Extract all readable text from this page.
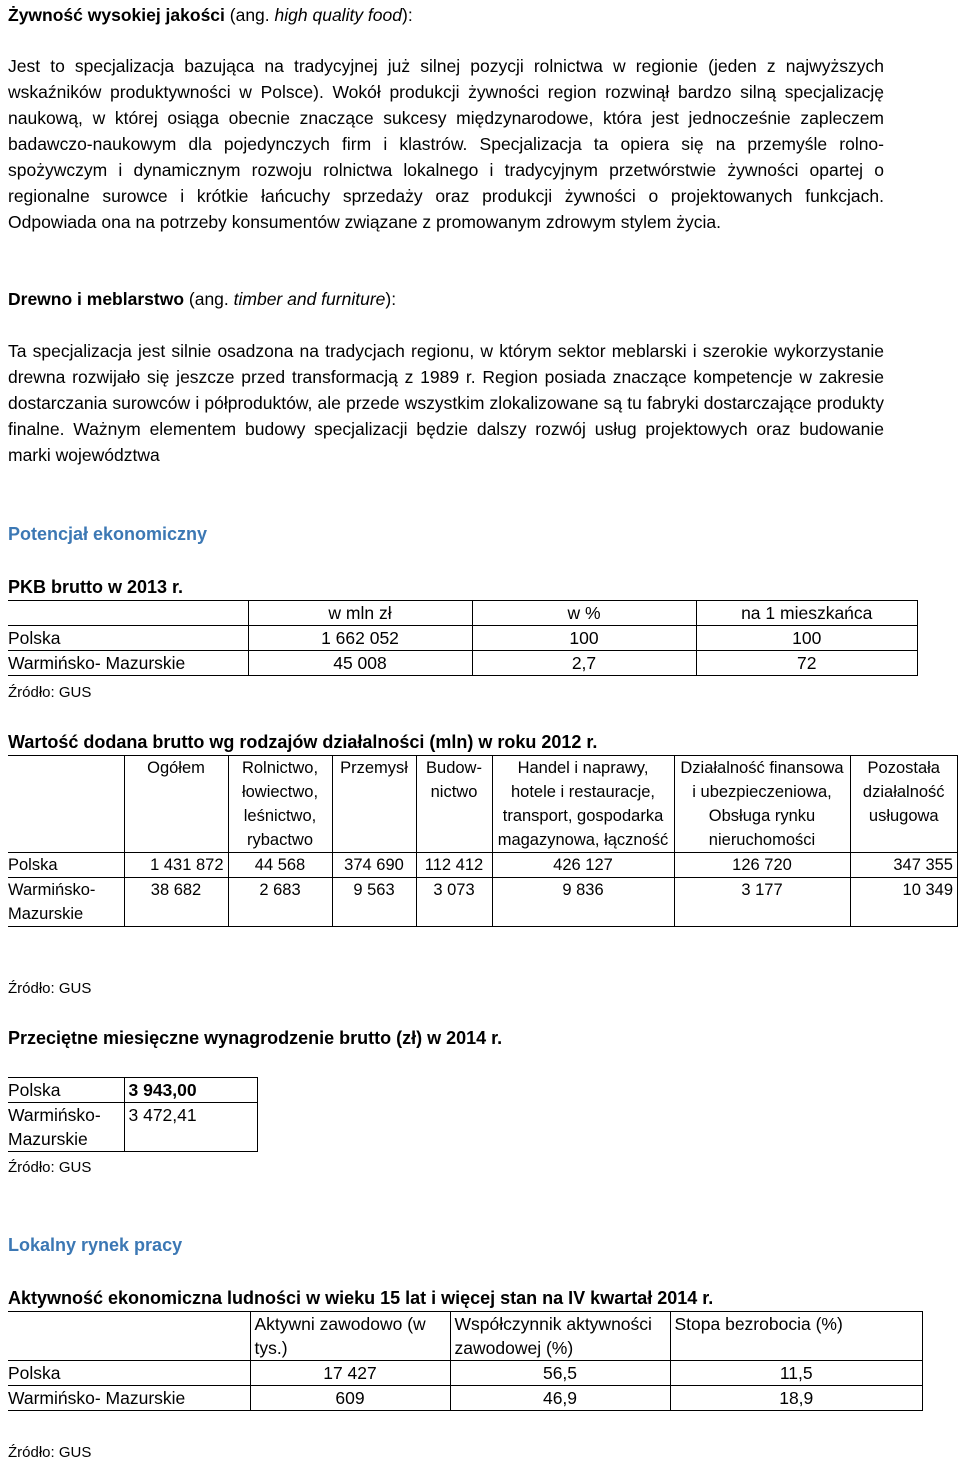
Żywność wysokiej jakości (ang. high quality food):

Jest to specjalizacja bazująca na tradycyjnej już silnej pozycji rolnictwa w regionie (jeden z najwyższych wskaźników produktywności w Polsce). Wokół produkcji żywności region rozwinął bardzo silną specjalizację naukową, w której osiąga obecnie znaczące sukcesy międzynarodowe, która jest jednocześnie zapleczem badawczo-naukowym dla pojedynczych firm i klastrów. Specjalizacja ta opiera się na przemyśle rolno-spożywczym i dynamicznym rozwoju rolnictwa lokalnego i tradycyjnym przetwórstwie żywności opartej o regionalne surowce i krótkie łańcuchy sprzedaży oraz produkcji żywności o projektowanych funkcjach. Odpowiada ona na potrzeby konsumentów związane z promowanym zdrowym stylem życia.

Drewno i meblarstwo (ang. timber and furniture):

Ta specjalizacja jest silnie osadzona na tradycjach regionu, w którym sektor meblarski i szerokie wykorzystanie drewna rozwijało się jeszcze przed transformacją z 1989 r. Region posiada znaczące kompetencje w zakresie dostarczania surowców i półproduktów, ale przede wszystkim zlokalizowane są tu fabryki dostarczające produkty finalne. Ważnym elementem budowy specjalizacji będzie dalszy rozwój usług projektowych oraz budowanie marki województwa

Potencjał ekonomiczny
PKB brutto w 2013 r.
	w mln zł	w %	na 1 mieszkańca
Polska	1 662 052	100	100
Warmińsko- Mazurskie	45 008	2,7	72
Źródło: GUS
Wartość dodana brutto wg rodzajów działalności (mln) w roku 2012 r.
	Ogółem	Rolnictwo, łowiectwo, leśnictwo, rybactwo	Przemysł	Budow-nictwo	Handel i naprawy, hotele i restauracje, transport, gospodarka magazynowa, łączność	Działalność finansowa i ubezpieczeniowa, Obsługa rynku nieruchomości	Pozostała działalność usługowa
Polska	1 431 872	44 568	374 690	112 412	426 127	126 720	347 355
Warmińsko-Mazurskie	38 682	2 683	9 563	3 073	9 836	3 177	10 349
Źródło: GUS
Przeciętne miesięczne wynagrodzenie brutto (zł) w 2014 r.
Polska	3 943,00
Warmińsko-Mazurskie	3 472,41
Źródło: GUS
Lokalny rynek pracy
Aktywność ekonomiczna ludności w wieku 15 lat i więcej stan na IV kwartał 2014 r.
	Aktywni zawodowo (w tys.)	Współczynnik aktywności zawodowej (%)	Stopa bezrobocia (%)
Polska	17 427	56,5	11,5
Warmińsko- Mazurskie	609	46,9	18,9
Źródło: GUS
